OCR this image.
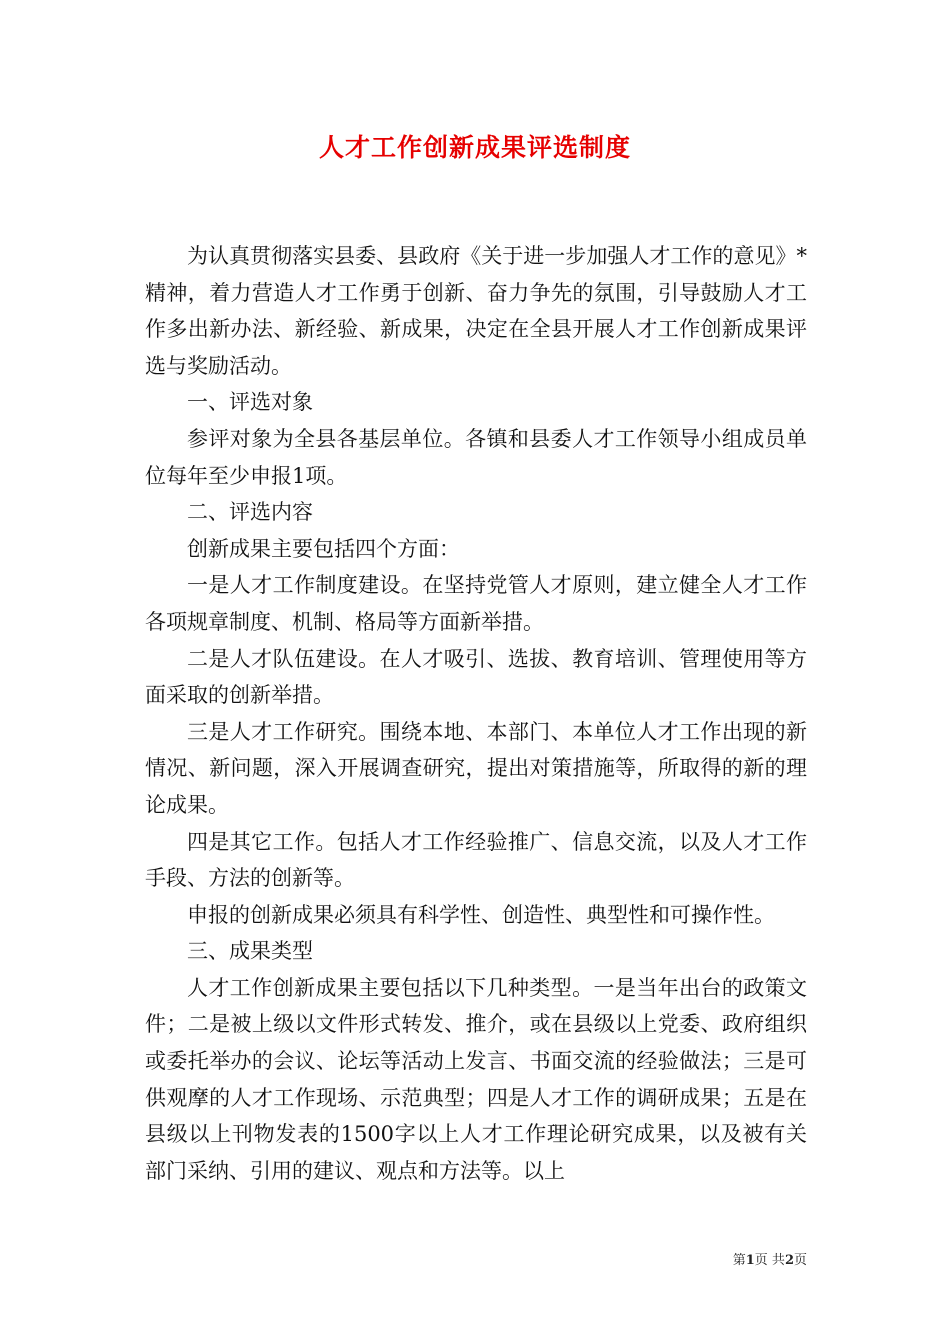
人才工作创新成果评选制度

为认真贯彻落实县委、县政府《关于进一步加强人才工作的意见》*精神，着力营造人才工作勇于创新、奋力争先的氛围，引导鼓励人才工作多出新办法、新经验、新成果，决定在全县开展人才工作创新成果评选与奖励活动。

一、评选对象

参评对象为全县各基层单位。各镇和县委人才工作领导小组成员单位每年至少申报1项。

二、评选内容

创新成果主要包括四个方面：

一是人才工作制度建设。在坚持党管人才原则，建立健全人才工作各项规章制度、机制、格局等方面新举措。

二是人才队伍建设。在人才吸引、选拔、教育培训、管理使用等方面采取的创新举措。

三是人才工作研究。围绕本地、本部门、本单位人才工作出现的新情况、新问题，深入开展调查研究，提出对策措施等，所取得的新的理论成果。

四是其它工作。包括人才工作经验推广、信息交流，以及人才工作手段、方法的创新等。

申报的创新成果必须具有科学性、创造性、典型性和可操作性。

三、成果类型

人才工作创新成果主要包括以下几种类型。一是当年出台的政策文件；二是被上级以文件形式转发、推介，或在县级以上党委、政府组织或委托举办的会议、论坛等活动上发言、书面交流的经验做法；三是可供观摩的人才工作现场、示范典型；四是人才工作的调研成果；五是在县级以上刊物发表的1500字以上人才工作理论研究成果，以及被有关部门采纳、引用的建议、观点和方法等。以上

第1页 共2页
